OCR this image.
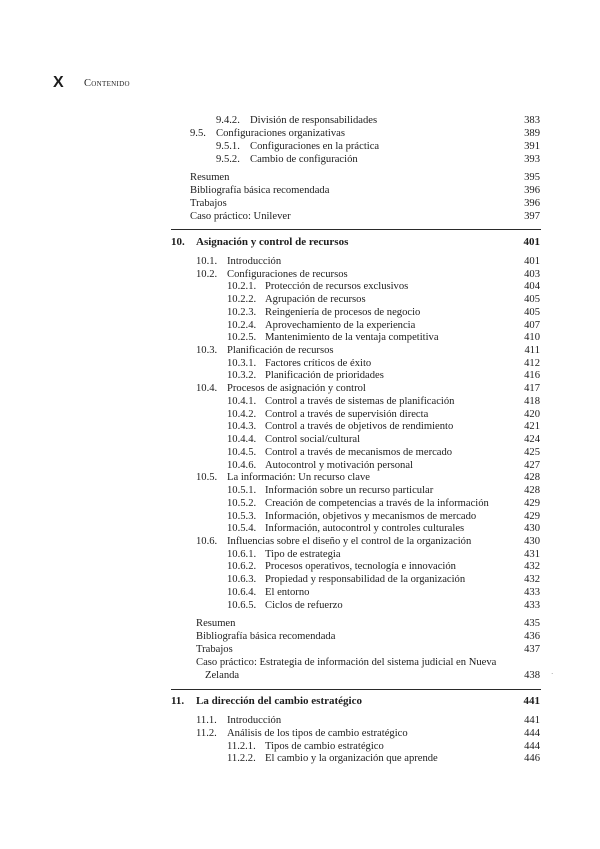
X Contenido
9.4.2. División de responsabilidades	383
9.5. Configuraciones organizativas	389
9.5.1. Configuraciones en la práctica	391
9.5.2. Cambio de configuración	393
Resumen	395
Bibliografía básica recomendada	396
Trabajos	396
Caso práctico: Unilever	397
10. Asignación y control de recursos	401
10.1. Introducción	401
10.2. Configuraciones de recursos	403
10.2.1. Protección de recursos exclusivos	404
10.2.2. Agrupación de recursos	405
10.2.3. Reingeniería de procesos de negocio	405
10.2.4. Aprovechamiento de la experiencia	407
10.2.5. Mantenimiento de la ventaja competitiva	410
10.3. Planificación de recursos	411
10.3.1. Factores críticos de éxito	412
10.3.2. Planificación de prioridades	416
10.4. Procesos de asignación y control	417
10.4.1. Control a través de sistemas de planificación	418
10.4.2. Control a través de supervisión directa	420
10.4.3. Control a través de objetivos de rendimiento	421
10.4.4. Control social/cultural	424
10.4.5. Control a través de mecanismos de mercado	425
10.4.6. Autocontrol y motivación personal	427
10.5. La información: Un recurso clave	428
10.5.1. Información sobre un recurso particular	428
10.5.2. Creación de competencias a través de la información	429
10.5.3. Información, objetivos y mecanismos de mercado	429
10.5.4. Información, autocontrol y controles culturales	430
10.6. Influencias sobre el diseño y el control de la organización	430
10.6.1. Tipo de estrategia	431
10.6.2. Procesos operativos, tecnología e innovación	432
10.6.3. Propiedad y responsabilidad de la organización	432
10.6.4. El entorno	433
10.6.5. Ciclos de refuerzo	433
Resumen	435
Bibliografía básica recomendada	436
Trabajos	437
Caso práctico: Estrategia de información del sistema judicial en Nueva
Zelanda	438 ·
11. La dirección del cambio estratégico	441
11.1. Introducción	441
11.2. Análisis de los tipos de cambio estratégico	444
11.2.1. Tipos de cambio estratégico	444
11.2.2. El cambio y la organización que aprende	446
